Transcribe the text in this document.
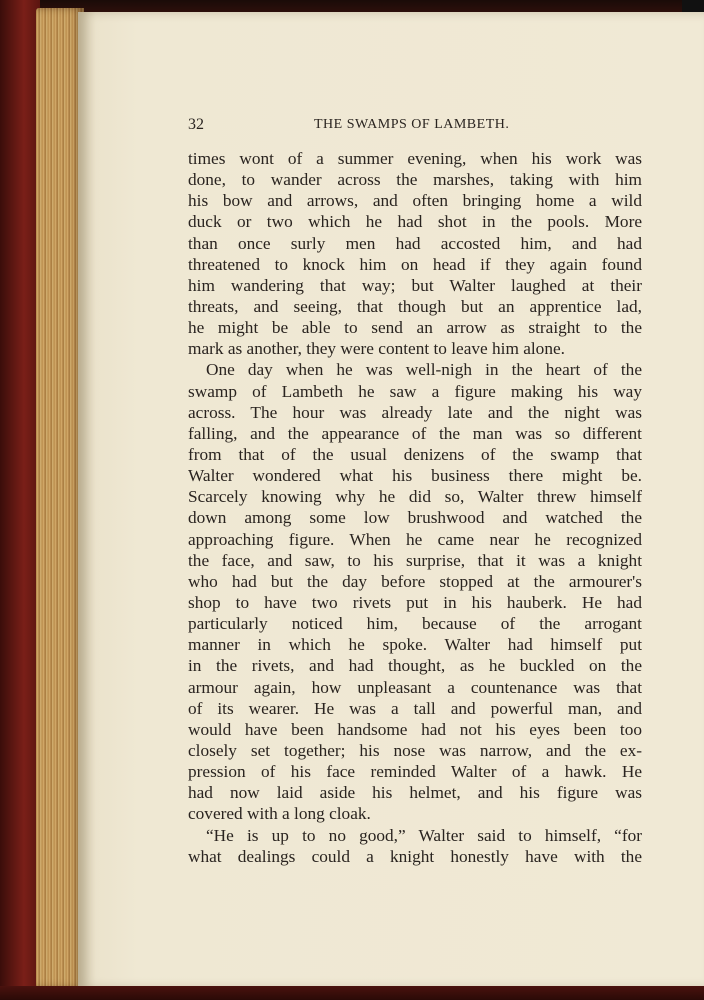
32	THE SWAMPS OF LAMBETH.
times wont of a summer evening, when his work was
done, to wander across the marshes, taking with him
his bow and arrows, and often bringing home a wild
duck or two which he had shot in the pools. More
than once surly men had accosted him, and had
threatened to knock him on head if they again found
him wandering that way; but Walter laughed at their
threats, and seeing, that though but an apprentice lad,
he might be able to send an arrow as straight to the
mark as another, they were content to leave him alone.
One day when he was well-nigh in the heart of the
swamp of Lambeth he saw a figure making his way
across. The hour was already late and the night was
falling, and the appearance of the man was so different
from that of the usual denizens of the swamp that
Walter wondered what his business there might be.
Scarcely knowing why he did so, Walter threw himself
down among some low brushwood and watched the
approaching figure. When he came near he recognized
the face, and saw, to his surprise, that it was a knight
who had but the day before stopped at the armourer's
shop to have two rivets put in his hauberk. He had
particularly noticed him, because of the arrogant
manner in which he spoke. Walter had himself put
in the rivets, and had thought, as he buckled on the
armour again, how unpleasant a countenance was that
of its wearer. He was a tall and powerful man, and
would have been handsome had not his eyes been too
closely set together; his nose was narrow, and the ex-
pression of his face reminded Walter of a hawk. He
had now laid aside his helmet, and his figure was
covered with a long cloak.
“He is up to no good,” Walter said to himself, “for
what dealings could a knight honestly have with the
